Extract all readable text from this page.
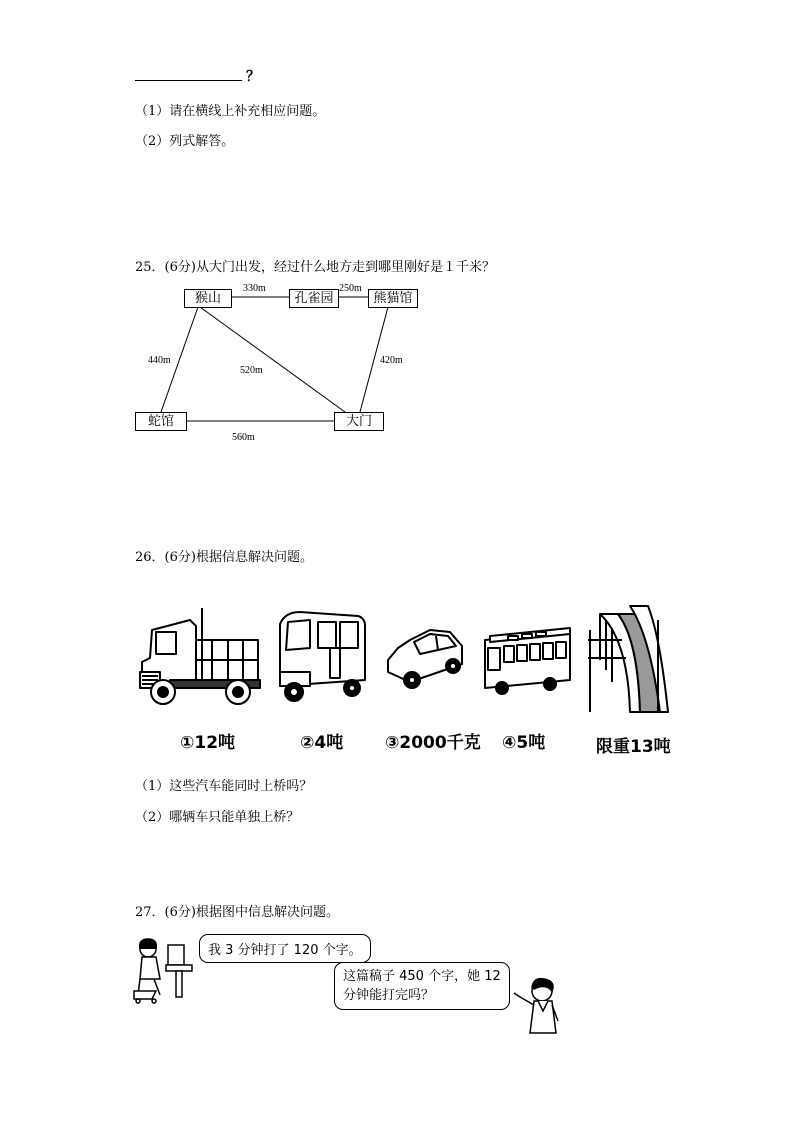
？
（1）请在横线上补充相应问题。
（2）列式解答。
25．(6分)从大门出发，经过什么地方走到哪里刚好是１千米？
猴山	孔雀园	熊猫馆
蛇馆	大门
330m	250m
440m
520m
420m
560m
26．(6分)根据信息解决问题。
①12吨	②4吨 ③2000千克 ④5吨	限重13吨
（1）这些汽车能同时上桥吗？
（2）哪辆车只能单独上桥？
27．(6分)根据图中信息解决问题。
我 3 分钟打了 120 个字。
这篇稿子 450 个字，她 12
分钟能打完吗？
